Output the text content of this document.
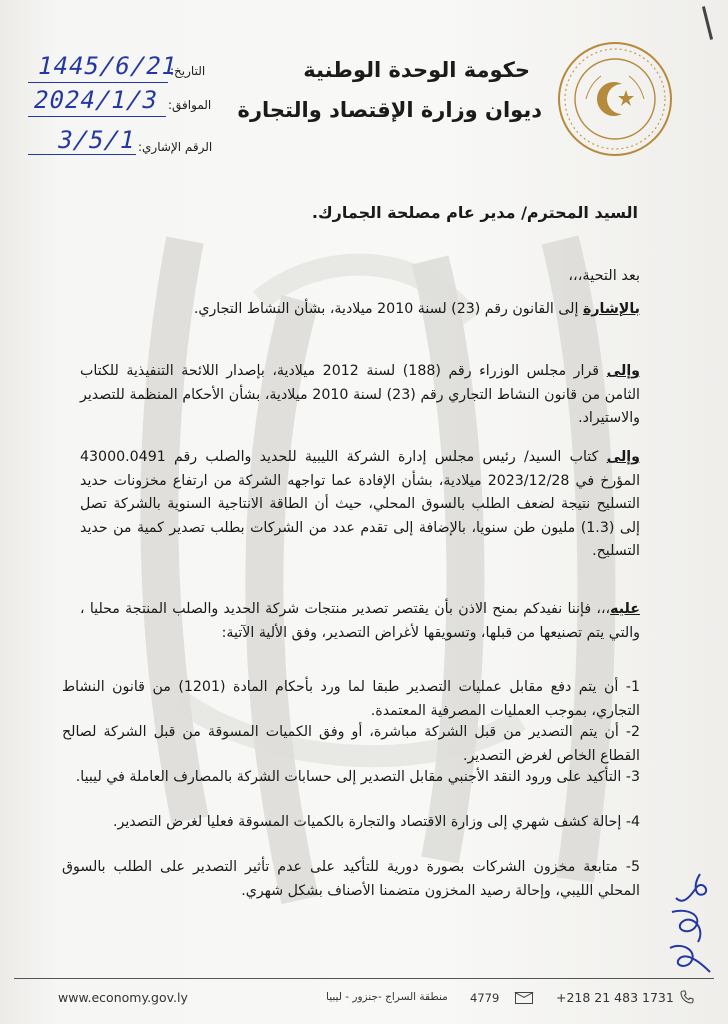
حكومة الوحدة الوطنية
ديوان وزارة الإقتصاد والتجارة
التاريخ:
1445/6/21
الموافق:
2024/1/3
الرقم الإشاري:
3/5/1
السيد المحترم/ مدير عام مصلحة الجمارك.
بعد التحية،،،
بالإشارة إلى القانون رقم (23) لسنة 2010 ميلادية، بشأن النشاط التجاري.
وإلى قرار مجلس الوزراء رقم (188) لسنة 2012 ميلادية، بإصدار اللائحة التنفيذية للكتاب الثامن من قانون النشاط التجاري رقم (23) لسنة 2010 ميلادية، بشأن الأحكام المنظمة للتصدير والاستيراد.
وإلى كتاب السيد/ رئيس مجلس إدارة الشركة الليبية للحديد والصلب رقم 43000.0491 المؤرخ في 2023/12/28 ميلادية، بشأن الإفادة عما تواجهه الشركة من ارتفاع مخزونات حديد التسليح نتيجة لضعف الطلب بالسوق المحلي، حيث أن الطاقة الانتاجية السنوية بالشركة تصل إلى (1.3) مليون طن سنويا، بالإضافة إلى تقدم عدد من الشركات بطلب تصدير كمية من حديد التسليح.
عليه،،، فإننا نفيدكم بمنح الاذن بأن يقتصر تصدير منتجات شركة الحديد والصلب المنتجة محليا ، والتي يتم تصنيعها من قبلها، وتسويقها لأغراض التصدير، وفق الألية الآتية:
1- أن يتم دفع مقابل عمليات التصدير طبقا لما ورد بأحكام المادة (1201) من قانون النشاط التجاري، بموجب العمليات المصرفية المعتمدة.
2- أن يتم التصدير من قبل الشركة مباشرة، أو وفق الكميات المسوقة من قبل الشركة لصالح القطاع الخاص لغرض التصدير.
3- التأكيد على ورود النقد الأجنبي مقابل التصدير إلى حسابات الشركة بالمصارف العاملة في ليبيا.
4- إحالة كشف شهري إلى وزارة الاقتصاد والتجارة بالكميات المسوقة فعليا لغرض التصدير.
5- متابعة مخزون الشركات بصورة دورية للتأكيد على عدم تأثير التصدير على الطلب بالسوق المحلي الليبي، وإحالة رصيد المخزون متضمنا الأصناف بشكل شهري.
www.economy.gov.ly	منطقة السراج -جنزور - ليبيا 4779	+218 21 483 1731
